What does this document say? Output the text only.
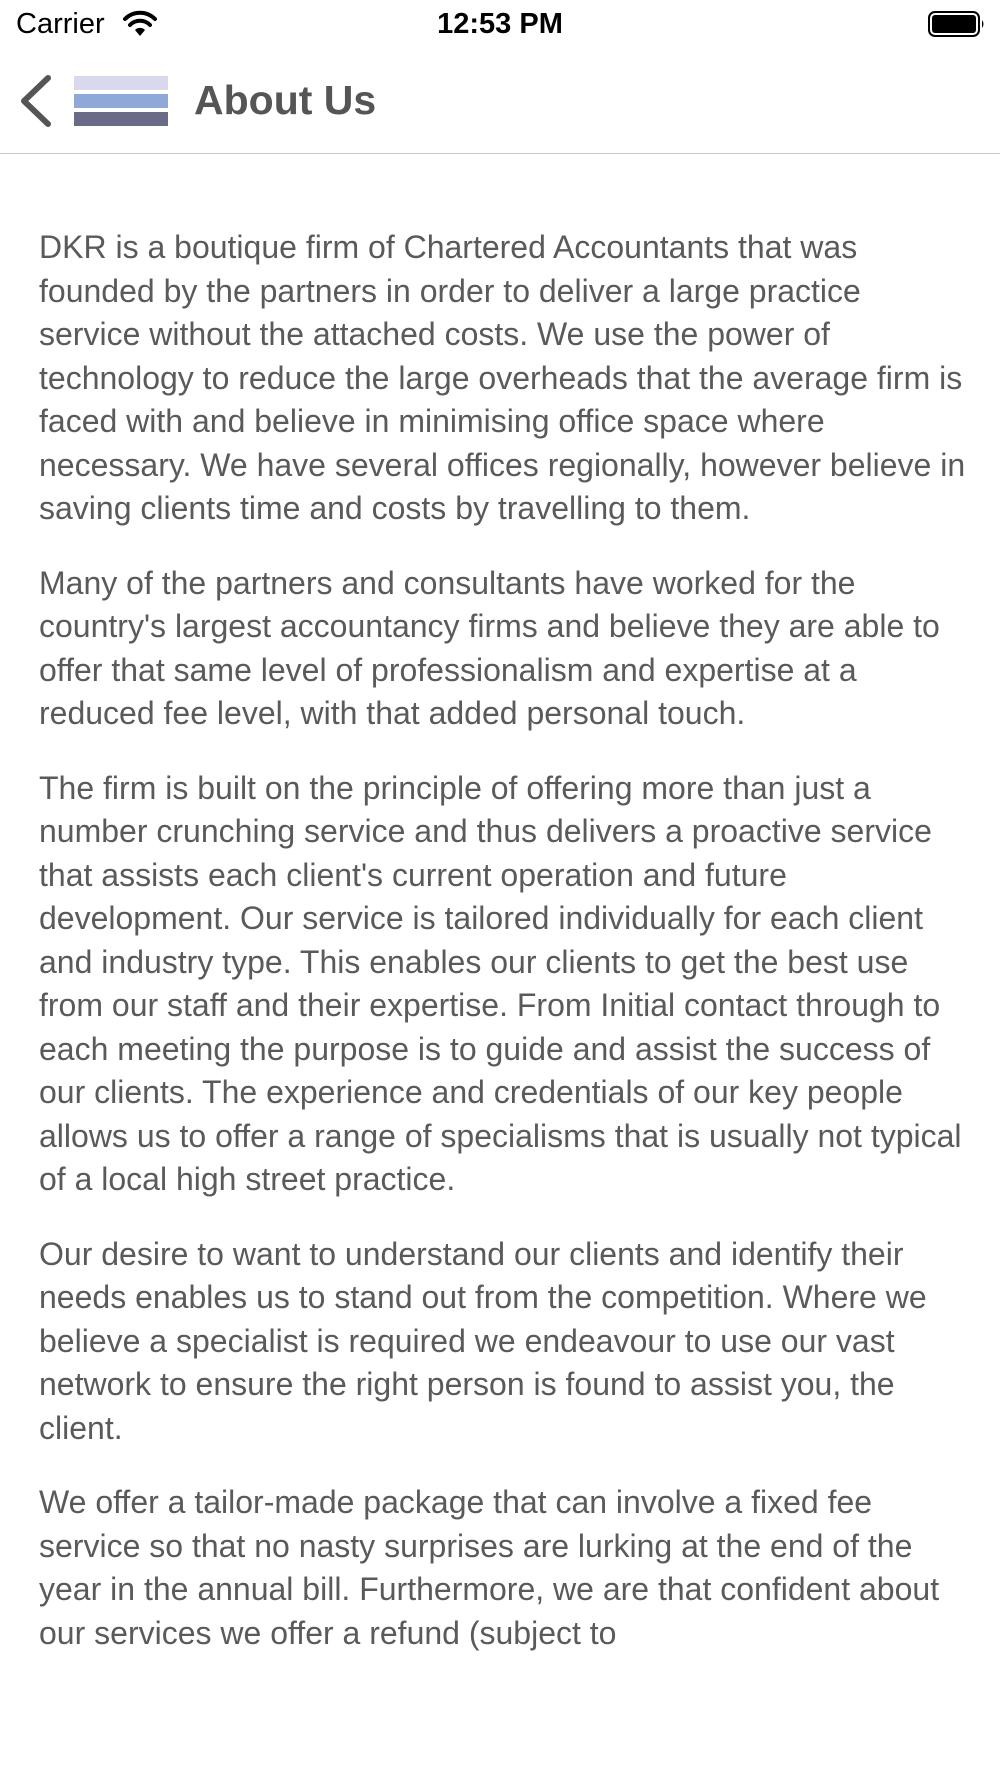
Carrier	12:53 PM
About Us

DKR is a boutique firm of Chartered Accountants that was founded by the partners in order to deliver a large practice service without the attached costs. We use the power of technology to reduce the large overheads that the average firm is faced with and believe in minimising office space where necessary. We have several offices regionally, however believe in saving clients time and costs by travelling to them.

Many of the partners and consultants have worked for the country's largest accountancy firms and believe they are able to offer that same level of professionalism and expertise at a reduced fee level, with that added personal touch.

The firm is built on the principle of offering more than just a number crunching service and thus delivers a proactive service that assists each client's current operation and future development. Our service is tailored individually for each client and industry type. This enables our clients to get the best use from our staff and their expertise. From Initial contact through to each meeting the purpose is to guide and assist the success of our clients. The experience and credentials of our key people allows us to offer a range of specialisms that is usually not typical of a local high street practice.

Our desire to want to understand our clients and identify their needs enables us to stand out from the competition. Where we believe a specialist is required we endeavour to use our vast network to ensure the right person is found to assist you, the client.

We offer a tailor-made package that can involve a fixed fee service so that no nasty surprises are lurking at the end of the year in the annual bill. Furthermore, we are that confident about our services we offer a refund (subject to
